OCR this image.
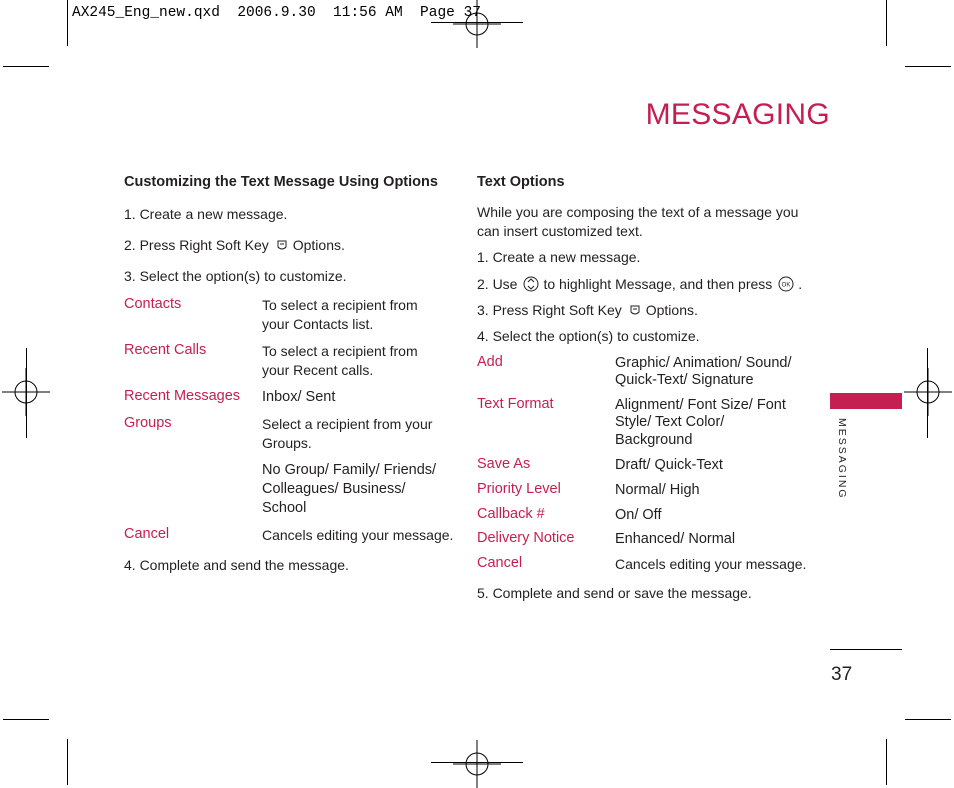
AX245_Eng_new.qxd  2006.9.30  11:56 AM  Page 37
MESSAGING
MESSAGING
37
Customizing the Text Message Using Options
1. Create a new message.
2. Press Right Soft Key Options.
3. Select the option(s) to customize.
Contacts	To select a recipient from
your Contacts list.
Recent Calls	To select a recipient from
your Recent calls.
Recent Messages Inbox/ Sent
Groups	Select a recipient from your
Groups.
No Group/ Family/ Friends/
Colleagues/ Business/
School
Cancel	Cancels editing your message.
4. Complete and send the message.
Text Options
While you are composing the text of a message you
can insert customized text.
1. Create a new message.
2. Use to highlight Message, and then press OK .
3. Press Right Soft Key Options.
4. Select the option(s) to customize.
Add	Graphic/ Animation/ Sound/
Quick-Text/ Signature
Text Format	Alignment/ Font Size/ Font
Style/ Text Color/
Background
Save As	Draft/ Quick-Text
Priority Level	Normal/ High
Callback #	On/ Off
Delivery Notice	Enhanced/ Normal
Cancel	Cancels editing your message.
5. Complete and send or save the message.
